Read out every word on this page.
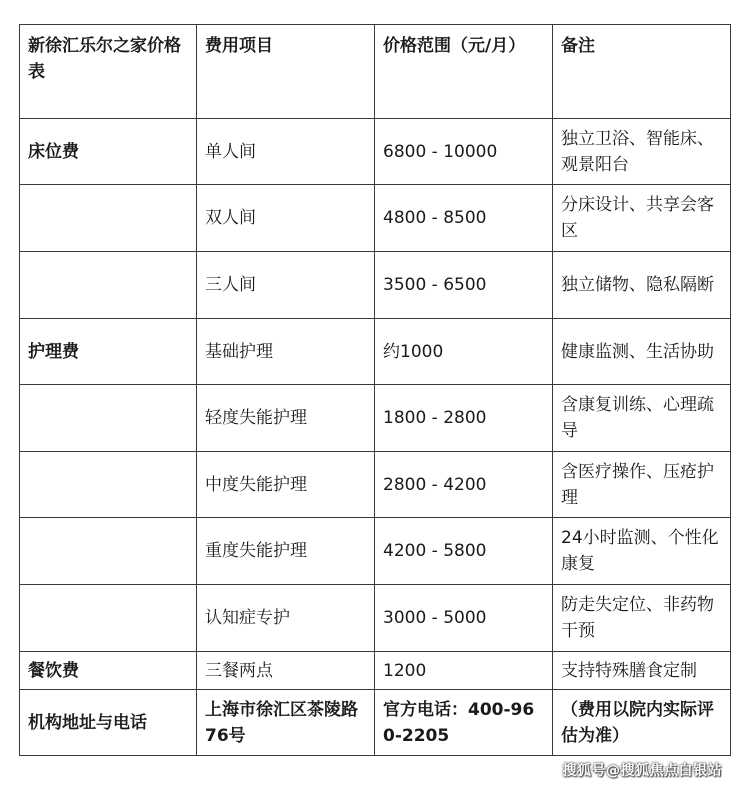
新徐汇乐尔之家价格表	费用项目	价格范围（元/月）	备注
床位费	单人间	6800 - 10000	独立卫浴、智能床、观景阳台
	双人间	4800 - 8500	分床设计、共享会客区
	三人间	3500 - 6500	独立储物、隐私隔断
护理费	基础护理	约1000	健康监测、生活协助
	轻度失能护理	1800 - 2800	含康复训练、心理疏导
	中度失能护理	2800 - 4200	含医疗操作、压疮护理
	重度失能护理	4200 - 5800	24小时监测、个性化康复
	认知症专护	3000 - 5000	防走失定位、非药物干预
餐饮费	三餐两点	1200	支持特殊膳食定制
机构地址与电话	上海市徐汇区茶陵路76号	官方电话：400-960-2205	（费用以院内实际评估为准）
搜狐号@搜狐焦点白银站
